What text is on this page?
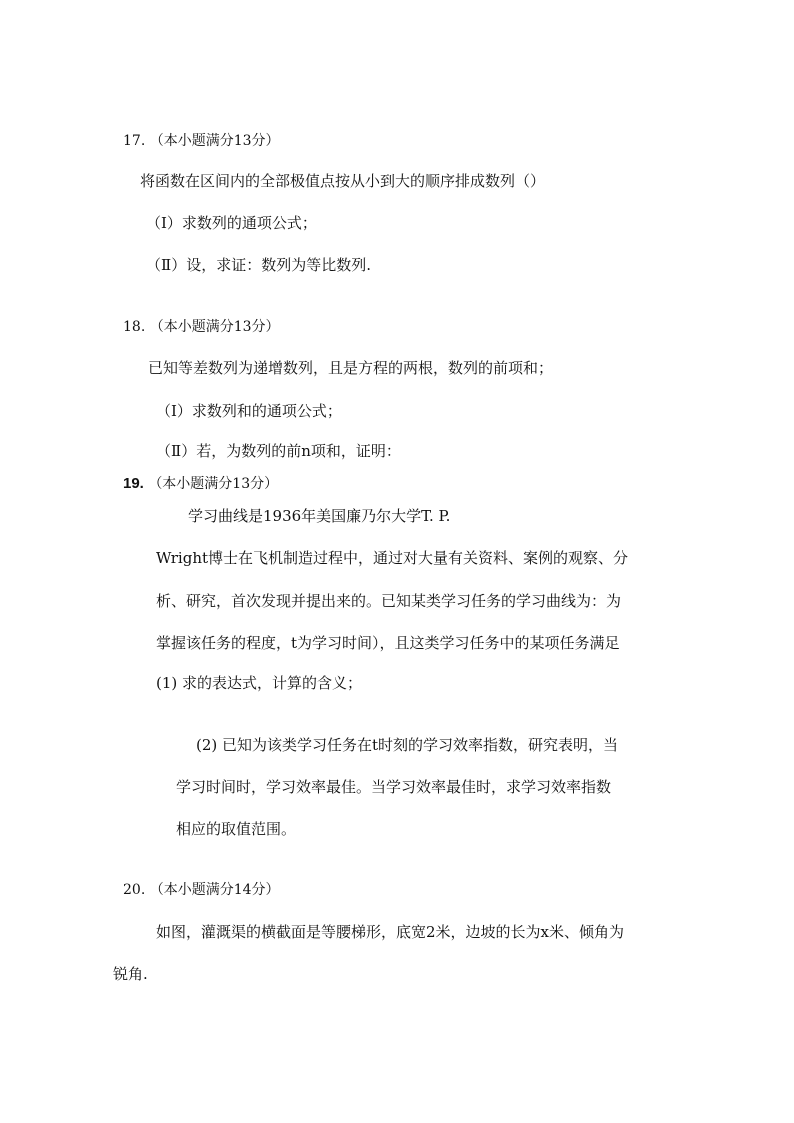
17. （本小题满分13分）
将函数在区间内的全部极值点按从小到大的顺序排成数列（）
（Ⅰ）求数列的通项公式；
（Ⅱ）设，求证：数列为等比数列.
18. （本小题满分13分）
已知等差数列为递增数列，且是方程的两根，数列的前项和；
（Ⅰ）求数列和的通项公式；
（Ⅱ）若，为数列的前n项和，证明：
19. （本小题满分13分）
学习曲线是1936年美国廉乃尔大学T. P.
Wright博士在飞机制造过程中，通过对大量有关资料、案例的观察、分
析、研究，首次发现并提出来的。已知某类学习任务的学习曲线为：为
掌握该任务的程度，t为学习时间），且这类学习任务中的某项任务满足
(1) 求的表达式，计算的含义；
(2) 已知为该类学习任务在t时刻的学习效率指数，研究表明，当
学习时间时，学习效率最佳。当学习效率最佳时，求学习效率指数
相应的取值范围。
20. （本小题满分14分）
如图，灌溉渠的横截面是等腰梯形，底宽2米，边坡的长为x米、倾角为
锐角.
